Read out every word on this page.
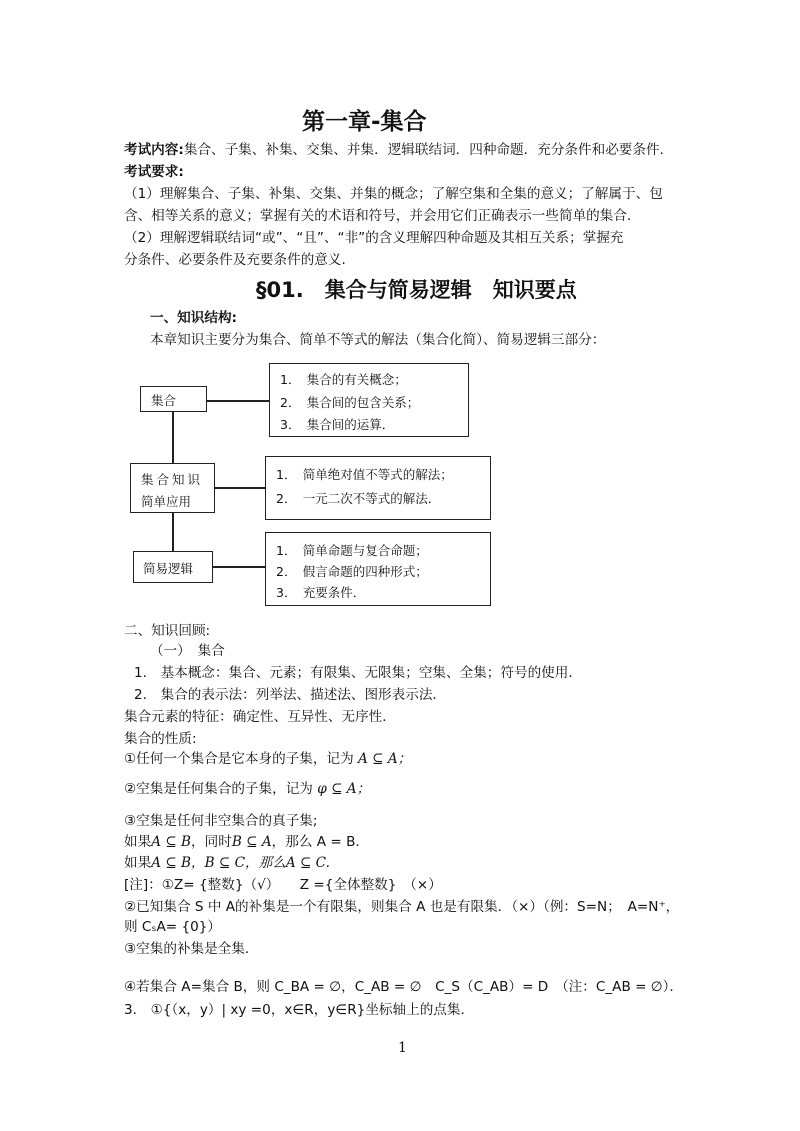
第一章-集合
考试内容:集合、子集、补集、交集、并集．逻辑联结词．四种命题．充分条件和必要条件．
考试要求:
（1）理解集合、子集、补集、交集、并集的概念；了解空集和全集的意义；了解属于、包
含、相等关系的意义；掌握有关的术语和符号，并会用它们正确表示一些简单的集合．
（2）理解逻辑联结词“或”、“且”、“非”的含义理解四种命题及其相互关系；掌握充
分条件、必要条件及充要条件的意义．
§01.　集合与简易逻辑　知识要点
一、知识结构:
本章知识主要分为集合、简单不等式的解法（集合化简）、简易逻辑三部分：
集合
1．　集合的有关概念；
2．　集合间的包含关系；
3．　集合间的运算．
集合知识
简单应用
1．　简单绝对值不等式的解法；
2．　一元二次不等式的解法．
简易逻辑
1．　简单命题与复合命题；
2．　假言命题的四种形式；
3．　充要条件．
二、知识回顾:
（一）　集合
1.　基本概念：集合、元素；有限集、无限集；空集、全集；符号的使用．
2.　集合的表示法：列举法、描述法、图形表示法．
集合元素的特征：确定性、互异性、无序性．
集合的性质:
①任何一个集合是它本身的子集，记为 A ⊆ A；
②空集是任何集合的子集，记为 φ ⊆ A；
③空集是任何非空集合的真子集;
如果A ⊆ B，同时B ⊆ A，那么 A = B.
如果A ⊆ B，B ⊆ C，那么A ⊆ C.
[注]：①Z= {整数}（√）　　Z ={全体整数}　（×）
②已知集合 S 中 A的补集是一个有限集，则集合 A 也是有限集．（×）（例：S=N；　A=N⁺，
则 CₛA= {0}）
③空集的补集是全集．
④若集合 A=集合 B，则 C_BA = ∅，C_AB = ∅　C_S（C_AB）= D　（注：C_AB = ∅）．
3.　①{（x，y）| xy =0，x∈R，y∈R}坐标轴上的点集．
1
